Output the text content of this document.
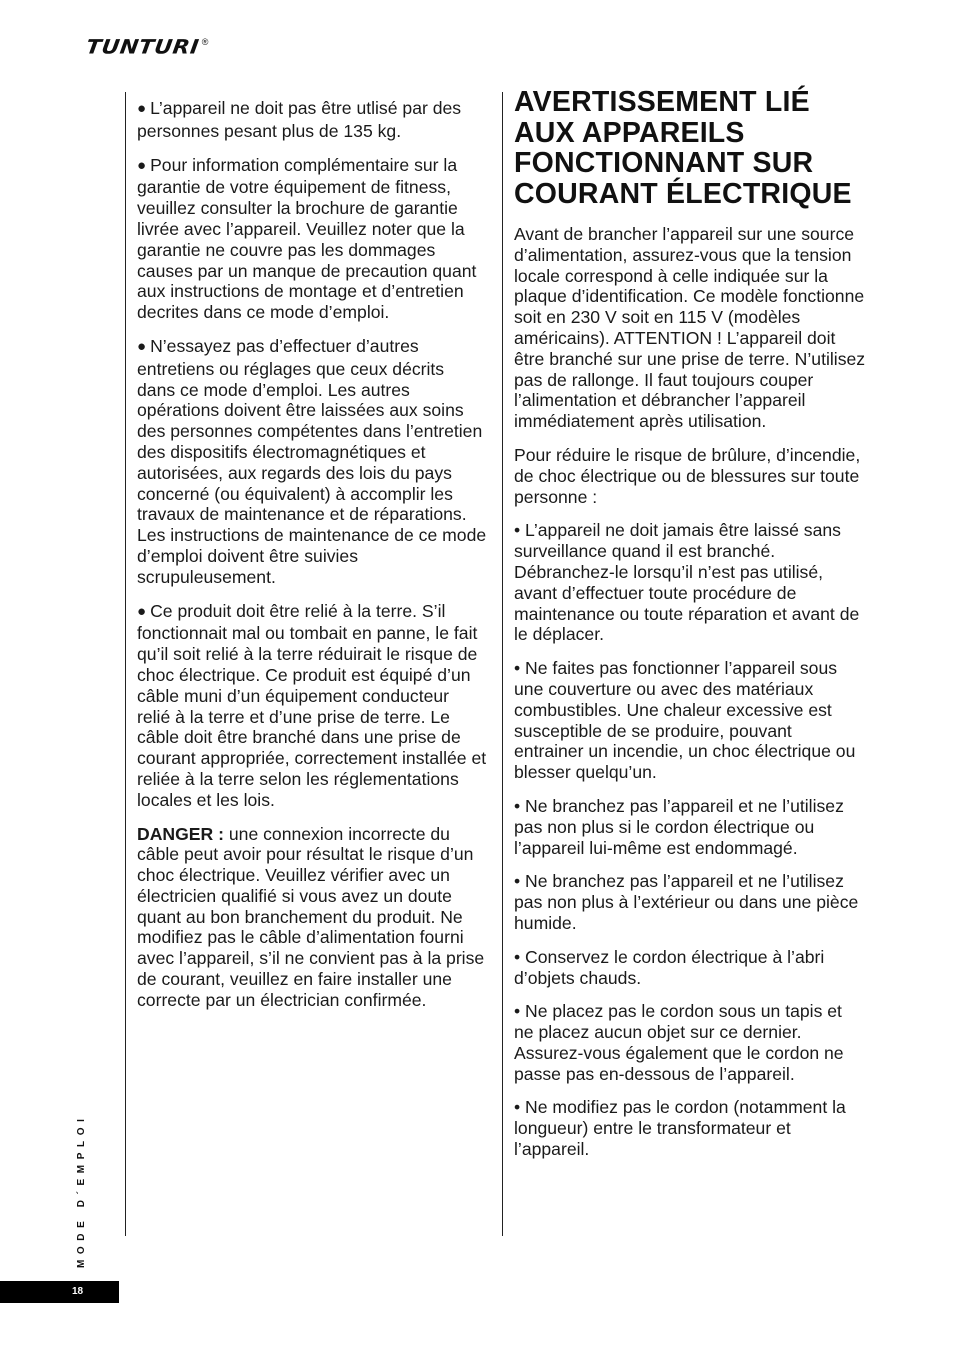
TUNTURI ®

● L’appareil ne doit pas être utlisé par des personnes pesant plus de 135 kg.

● Pour information complémentaire sur la garantie de votre équipement de fitness, veuillez consulter la brochure de garantie livrée avec l’appareil. Veuillez noter que la garantie ne couvre pas les dommages causes par un manque de precaution quant aux instructions de montage et d’entretien decrites dans ce mode d’emploi.

● N’essayez pas d’effectuer d’autres entretiens ou réglages que ceux décrits dans ce mode d’emploi. Les autres opérations doivent être laissées aux soins des personnes compétentes dans l’entretien des dispositifs électromagnétiques et autorisées, aux regards des lois du pays concerné (ou équivalent) à accomplir les travaux de maintenance et de réparations. Les instructions de maintenance de ce mode d’emploi doivent être suivies scrupuleusement.

● Ce produit doit être relié à la terre. S’il fonctionnait mal ou tombait en panne, le fait qu’il soit relié à la terre réduirait le risque de choc électrique. Ce produit est équipé d’un câble muni d’un équipement conducteur relié à la terre et d’une prise de terre. Le câble doit être branché dans une prise de courant appropriée, correctement installée et reliée à la terre selon les réglementations locales et les lois.

DANGER : une connexion incorrecte du câble peut avoir pour résultat le risque d’un choc électrique. Veuillez vérifier avec un électricien qualifié si vous avez un doute quant au bon branchement du produit. Ne modifiez pas le câble d’alimentation fourni avec l’appareil, s’il ne convient pas à la prise de courant, veuillez en faire installer une correcte par un électrician confirmée.

AVERTISSEMENT LIÉ AUX APPAREILS FONCTIONNANT SUR COURANT ÉLECTRIQUE

Avant de brancher l’appareil sur une source d’alimentation, assurez-vous que la tension locale correspond à celle indiquée sur la plaque d’identification. Ce modèle fonctionne soit en 230 V soit en 115 V (modèles américains). ATTENTION ! L’appareil doit être branché sur une prise de terre. N’utilisez pas de rallonge. Il faut toujours couper l’alimentation et débrancher l’appareil immédiatement après utilisation.

Pour réduire le risque de brûlure, d’incendie, de choc électrique ou de blessures sur toute personne :

• L’appareil ne doit jamais être laissé sans surveillance quand il est branché. Débranchez-le lorsqu’il n’est pas utilisé, avant d’effectuer toute procédure de maintenance ou toute réparation et avant de le déplacer.

• Ne faites pas fonctionner l’appareil sous une couverture ou avec des matériaux combustibles. Une chaleur excessive est susceptible de se produire, pouvant entrainer un incendie, un choc électrique ou blesser quelqu’un.

• Ne branchez pas l’appareil et ne l’utilisez pas non plus si le cordon électrique ou l’appareil lui-même est endommagé.

• Ne branchez pas l’appareil et ne l’utilisez pas non plus à l’extérieur ou dans une pièce humide.

• Conservez le cordon électrique à l’abri d’objets chauds.

• Ne placez pas le cordon sous un tapis et ne placez aucun objet sur ce dernier. Assurez-vous également que le cordon ne passe pas en-dessous de l’appareil.

• Ne modifiez pas le cordon (notamment la longueur) entre le transformateur et l’appareil.

MODE D´EMPLOI
18
